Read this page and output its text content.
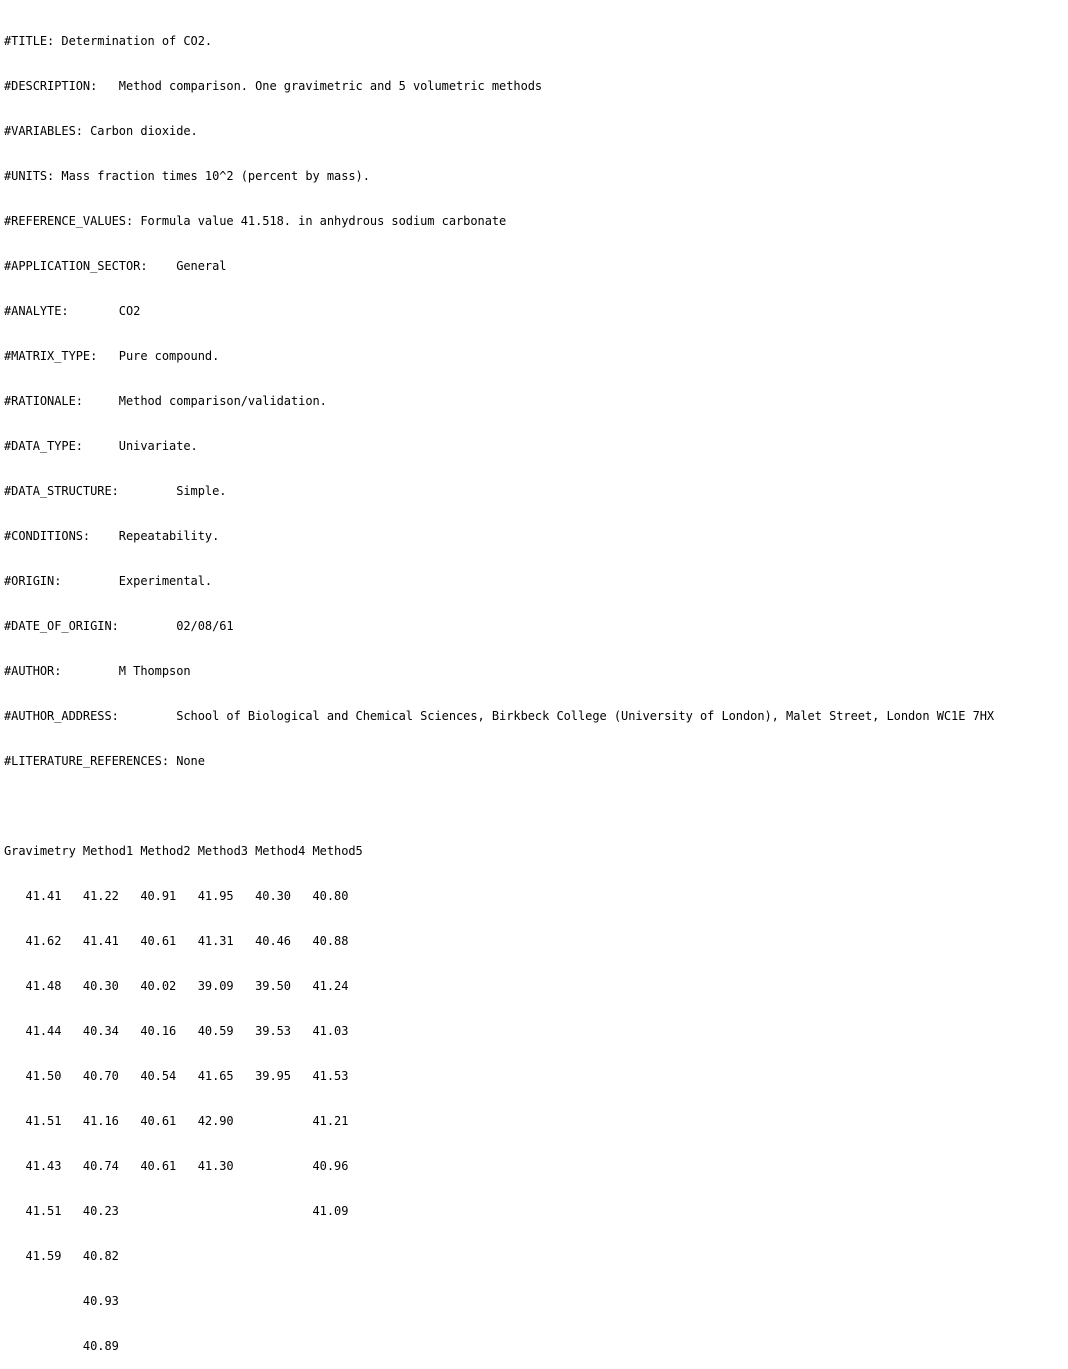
#TITLE: Determination of CO2.

#DESCRIPTION:   Method comparison. One gravimetric and 5 volumetric methods

#VARIABLES: Carbon dioxide.

#UNITS: Mass fraction times 10^2 (percent by mass).

#REFERENCE_VALUES: Formula value 41.518. in anhydrous sodium carbonate

#APPLICATION_SECTOR:    General

#ANALYTE:       CO2

#MATRIX_TYPE:   Pure compound.

#RATIONALE:     Method comparison/validation.

#DATA_TYPE:     Univariate.

#DATA_STRUCTURE:        Simple.

#CONDITIONS:    Repeatability.

#ORIGIN:        Experimental.

#DATE_OF_ORIGIN:        02/08/61

#AUTHOR:        M Thompson

#AUTHOR_ADDRESS:        School of Biological and Chemical Sciences, Birkbeck College (University of London), Malet Street, London WC1E 7HX

#LITERATURE_REFERENCES: None

Gravimetry Method1 Method2 Method3 Method4 Method5

41.41   41.22   40.91   41.95   40.30   40.80

41.62   41.41   40.61   41.31   40.46   40.88

41.48   40.30   40.02   39.09   39.50   41.24

41.44   40.34   40.16   40.59   39.53   41.03

41.50   40.70   40.54   41.65   39.95   41.53

41.51   41.16   40.61   42.90           41.21

41.43   40.74   40.61   41.30           40.96

41.51   40.23                           41.09

41.59   40.82

40.93

40.89
